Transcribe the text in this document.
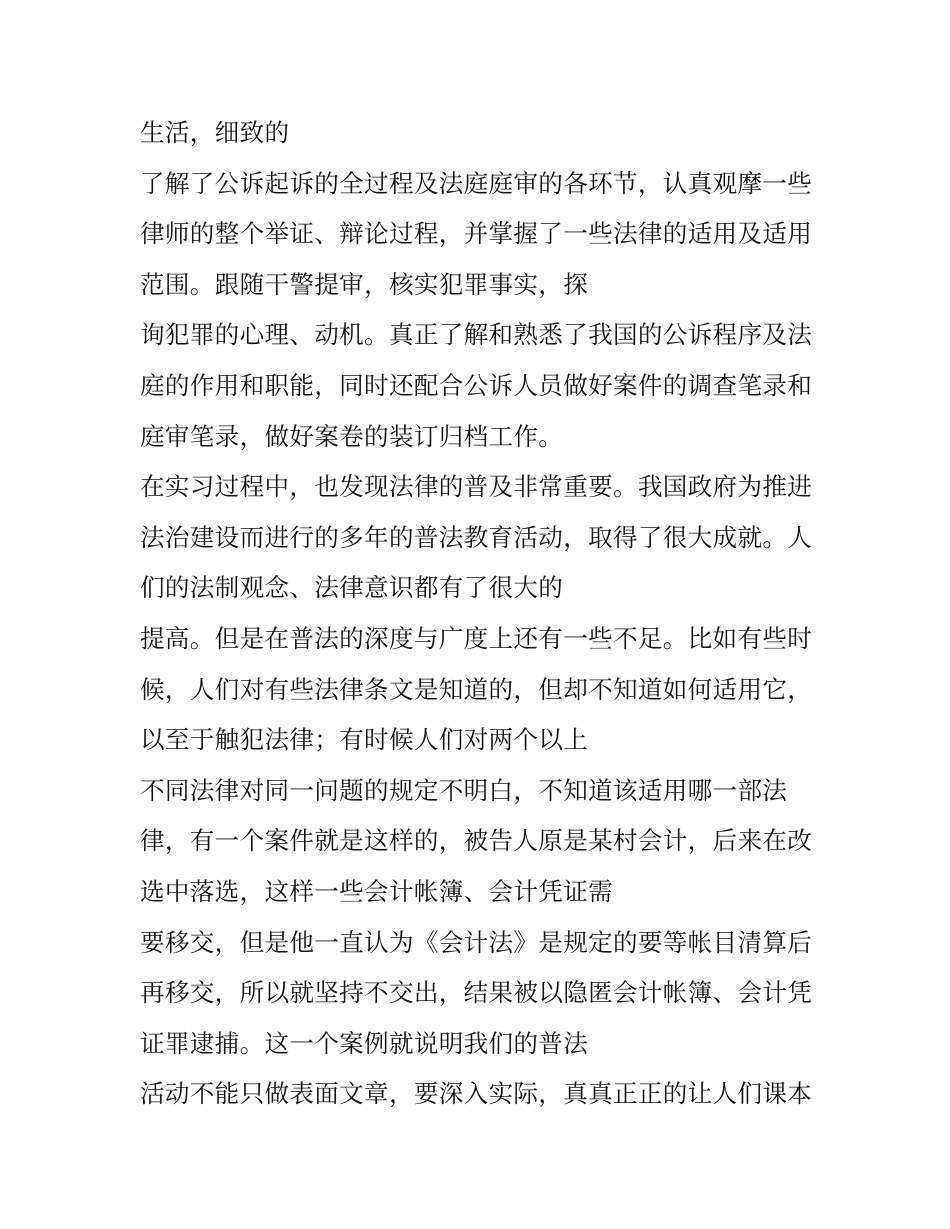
生活，细致的
了解了公诉起诉的全过程及法庭庭审的各环节，认真观摩一些
律师的整个举证、辩论过程，并掌握了一些法律的适用及适用
范围。跟随干警提审，核实犯罪事实，探
询犯罪的心理、动机。真正了解和熟悉了我国的公诉程序及法
庭的作用和职能，同时还配合公诉人员做好案件的调查笔录和
庭审笔录，做好案卷的装订归档工作。
在实习过程中，也发现法律的普及非常重要。我国政府为推进
法治建设而进行的多年的普法教育活动，取得了很大成就。人
们的法制观念、法律意识都有了很大的
提高。但是在普法的深度与广度上还有一些不足。比如有些时
候，人们对有些法律条文是知道的，但却不知道如何适用它，
以至于触犯法律；有时候人们对两个以上
不同法律对同一问题的规定不明白，不知道该适用哪一部法
律，有一个案件就是这样的，被告人原是某村会计，后来在改
选中落选，这样一些会计帐簿、会计凭证需
要移交，但是他一直认为《会计法》是规定的要等帐目清算后
再移交，所以就坚持不交出，结果被以隐匿会计帐簿、会计凭
证罪逮捕。这一个案例就说明我们的普法
活动不能只做表面文章，要深入实际，真真正正的让人们课本
